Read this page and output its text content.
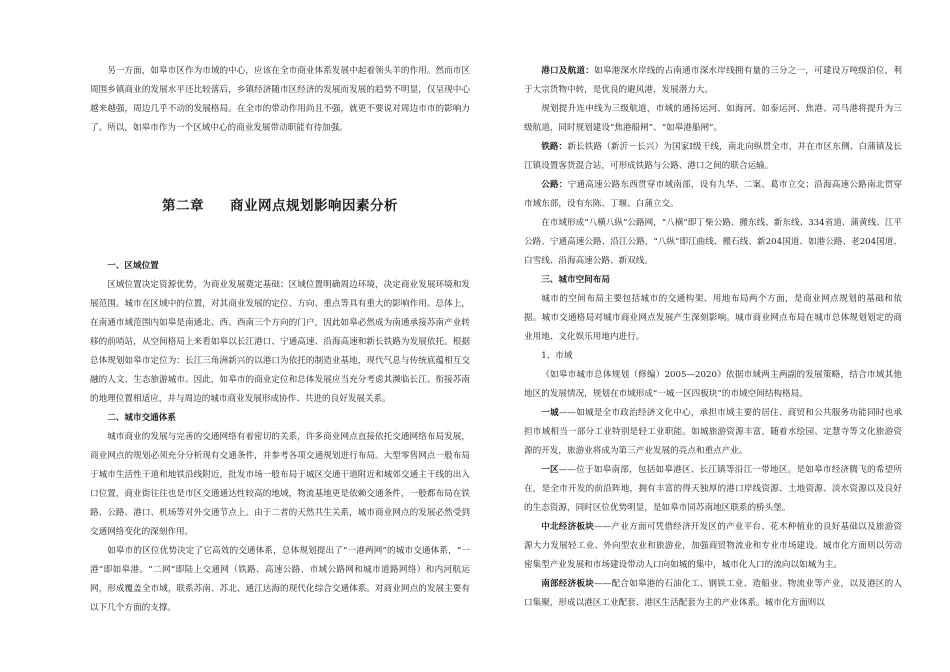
另一方面，如皋市区作为市域的中心，应该在全市商业体系发展中起着领头羊的作用。然而市区周围乡镇商业的发展水平还比较落后，乡镇经济随市区经济的发展而发展的趋势不明显，仅呈现中心越来越强，周边几乎不动的发展格局。在全市的带动作用尚且不强，就更不要说对周边市市的影响力了。所以，如皋市作为一个区域中心的商业发展带动职能有待加强。

第二章 商业网点规划影响因素分析
一、区域位置

区域位置决定资源优势，为商业发展奠定基础；区域位置明确周边环境，决定商业发展环境和发展范围。城市在区域中的位置，对其商业发展的定位、方向、重点等具有重大的影响作用。总体上，在南通市域范围内如皋是南通北、西、西南三个方向的门户，因此如皋必然成为南通承接苏南产业转移的前哨站，从空间格局上来看如皋以长江港口、宁通高速、沿海高速和新长铁路为发展依托。根据总体规划如皋市定位为：长江三角洲新兴的以港口为依托的制造业基地，现代气息与传统底蕴相互交融的人文、生态旅游城市。因此，如皋市的商业定位和总体发展应当充分考虑其濒临长江、衔接苏南的地理位置相适应，并与周边的城市商业发展形成协作、共进的良好发展关系。

二、城市交通体系

城市商业的发展与完善的交通网络有着密切的关系，许多商业网点直接依托交通网络布局发展，商业网点的规划必须充分分析现有交通条件，并参考各项交通规划进行布局。大型零售网点一般布局于城市生活性干道和地铁沿线附近，批发市场一般布局于城区交通干道附近和城郊交通主干线的出入口位置，商业街往往也是市区交通通达性较高的地域，物流基地更是依赖交通条件，一般都布局在铁路、公路、港口、机场等对外交通节点上。由于二者的天然共生关系，城市商业网点的发展必然受到交通网络变化的深刻作用。

如皋市的区位优势决定了它高效的交通体系，总体规划提出了“一港两网”的城市交通体系，“一港”即如皋港。“二网”即陆上交通网（铁路、高速公路、市域公路网和城市道路网络）和内河航运网，形成覆盖全市域，联系苏南、苏北、通江达海的现代化综合交通体系。对商业网点的发展主要有以下几个方面的支撑。

港口及航道：如皋港深水岸线的占南通市深水岸线拥有量的三分之一，可建设万吨级泊位，利于大宗货物中转，是优良的避风港，发展潜力大。

规划提升连申线为三级航道，市域的通扬运河、如海河、如泰运河、焦港、司马港将提升为三级航道，同时规划建设“焦港船闸”、“如皋港船闸”。

铁路：新长铁路（新沂－长兴）为国家Ⅰ级干线，南北向纵贯全市，并在市区东侧、白蒲镇及长江镇设置客货混合站，可形成铁路与公路、港口之间的联合运输。

公路：宁通高速公路东西贯穿市域南部，设有九华、二案、葛市立交；沿海高速公路南北贯穿市域东部，设有东陈、丁堰、白蒲立交。

在市域形成“八横八纵”公路网，“八横”即丁柴公路、搬东线、新东线、334省道、蒲黄线、江平公路、宁通高速公路、沿江公路，“八纵”即江曲线、搬石线、新204国道、如港公路、老204国道、白雪线、沿海高速公路、新双线。

三、城市空间布局

城市的空间布局主要包括城市的交通构架、用地布局两个方面，是商业网点规划的基础和依据。城市交通格局对城市商业网点发展产生深刻影响。城市商业网点布局在城市总体规划划定的商业用地、文化娱乐用地内进行。

1、市域

《如皋市城市总体规划（修编）2005—2020》依据市域两主两副的发展策略，结合市域其他地区的发展情况，规划在市域形成“一城一区四板块”的市域空间结构格局。

一城——如城是全市政治经济文化中心，承担市域主要的居住、商贸和公共服务功能同时也承担市域相当一部分工业特别是轻工业职能。如城旅游资源丰富，随着水绘园、定慧寺等文化旅游资源的开发，旅游业将成为第三产业发展的亮点和重点产业。

一区——位于如皋南部，包括如皋港区、长江镇等沿江一带地区。是如皋市经济腾飞的希望所在，是全市开发的前沿阵地，拥有丰富的得天独厚的港口岸线资源、土地资源、淡水资源以及良好的生态资源，同时区位优势明显，是如皋市同苏南地区联系的桥头堡。

中北经济板块——产业方面可凭借经济开发区的产业平台、花木种植业的良好基础以及旅游资源大力发展轻工业、外向型农业和旅游业，加强商贸物流业和专业市场建设。城市化方面则以劳动密集型产业发展和市场建设带动人口向如城的集中，城市化人口的流向以如城为主。

南部经济板块——配合如皋港的石油化工、钢铁工业、造船业、物流业等产业，以及港区的人口集聚，形成以港区工业配套、港区生活配套为主的产业体系。城市化方面则以
